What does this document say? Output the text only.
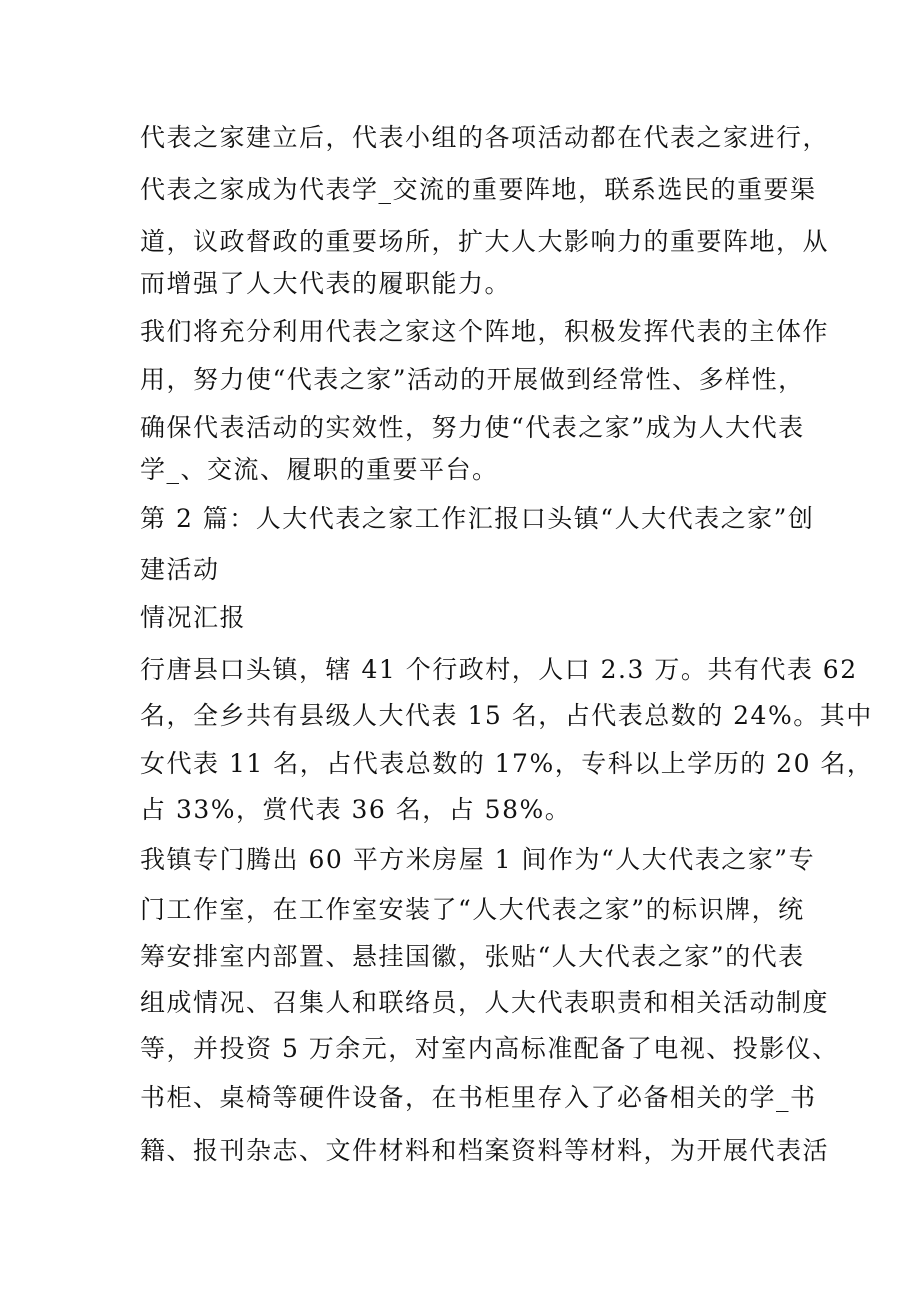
代表之家建立后，代表小组的各项活动都在代表之家进行，
代表之家成为代表学_交流的重要阵地，联系选民的重要渠
道，议政督政的重要场所，扩大人大影响力的重要阵地，从
而增强了人大代表的履职能力。
我们将充分利用代表之家这个阵地，积极发挥代表的主体作
用，努力使“代表之家”活动的开展做到经常性、多样性，
确保代表活动的实效性，努力使“代表之家”成为人大代表
学_、交流、履职的重要平台。
第 2 篇：人大代表之家工作汇报口头镇“人大代表之家”创
建活动
情况汇报
行唐县口头镇，辖 41 个行政村，人口 2.3 万。共有代表 62
名，全乡共有县级人大代表 15 名，占代表总数的 24%。其中
女代表 11 名，占代表总数的 17%，专科以上学历的 20 名，
占 33%，赏代表 36 名，占 58%。
我镇专门腾出 60 平方米房屋 1 间作为“人大代表之家”专
门工作室，在工作室安装了“人大代表之家”的标识牌，统
筹安排室内部置、悬挂国徽，张贴“人大代表之家”的代表
组成情况、召集人和联络员，人大代表职责和相关活动制度
等，并投资 5 万余元，对室内高标准配备了电视、投影仪、
书柜、桌椅等硬件设备，在书柜里存入了必备相关的学_书
籍、报刊杂志、文件材料和档案资料等材料，为开展代表活
